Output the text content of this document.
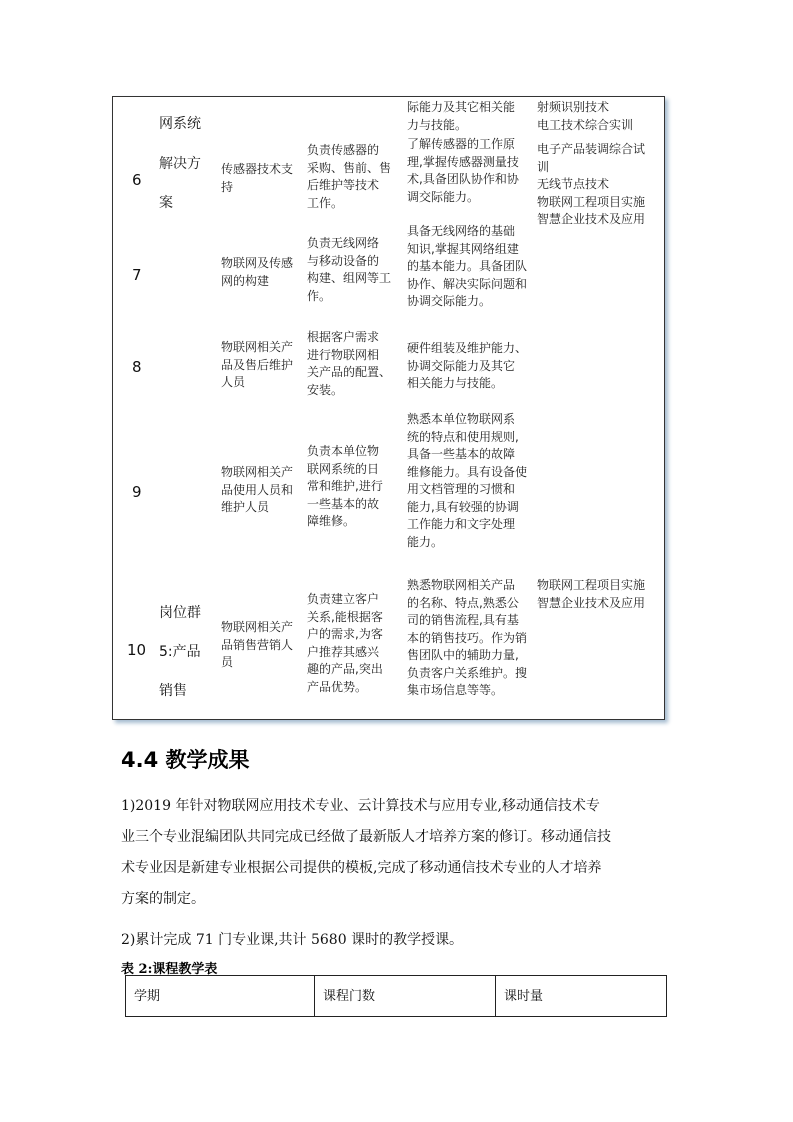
网系统
际能力及其它相关能
力与技能。
射频识别技术
电工技术综合实训
6
解决方
案
传感器技术支
持
负责传感器的
采购、售前、售
后维护等技术
工作。
了解传感器的工作原
理,掌握传感器测量技
术,具备团队协作和协
调交际能力。
电子产品装调综合试
训
无线节点技术
物联网工程项目实施
智慧企业技术及应用
7
物联网及传感
网的构建
负责无线网络
与移动设备的
构建、组网等工
作。
具备无线网络的基础
知识,掌握其网络组建
的基本能力。具备团队
协作、解决实际问题和
协调交际能力。
8
物联网相关产
品及售后维护
人员
根据客户需求
进行物联网相
关产品的配置、
安装。
硬件组装及维护能力、
协调交际能力及其它
相关能力与技能。
9
物联网相关产
品使用人员和
维护人员
负责本单位物
联网系统的日
常和维护,进行
一些基本的故
障维修。
熟悉本单位物联网系
统的特点和使用规则,
具备一些基本的故障
维修能力。具有设备使
用文档管理的习惯和
能力,具有较强的协调
工作能力和文字处理
能力。
10
岗位群
5:产品
销售
物联网相关产
品销售营销人
员
负责建立客户
关系,能根据客
户的需求,为客
户推荐其感兴
趣的产品,突出
产品优势。
熟悉物联网相关产品
的名称、特点,熟悉公
司的销售流程,具有基
本的销售技巧。作为销
售团队中的辅助力量,
负责客户关系维护。搜
集市场信息等等。
物联网工程项目实施
智慧企业技术及应用
4.4 教学成果
1)2019 年针对物联网应用技术专业、云计算技术与应用专业,移动通信技术专
业三个专业混编团队共同完成已经做了最新版人才培养方案的修订。移动通信技
术专业因是新建专业根据公司提供的模板,完成了移动通信技术专业的人才培养
方案的制定。
2)累计完成 71 门专业课,共计 5680 课时的教学授课。
表 2:课程教学表
学期	课程门数	课时量
